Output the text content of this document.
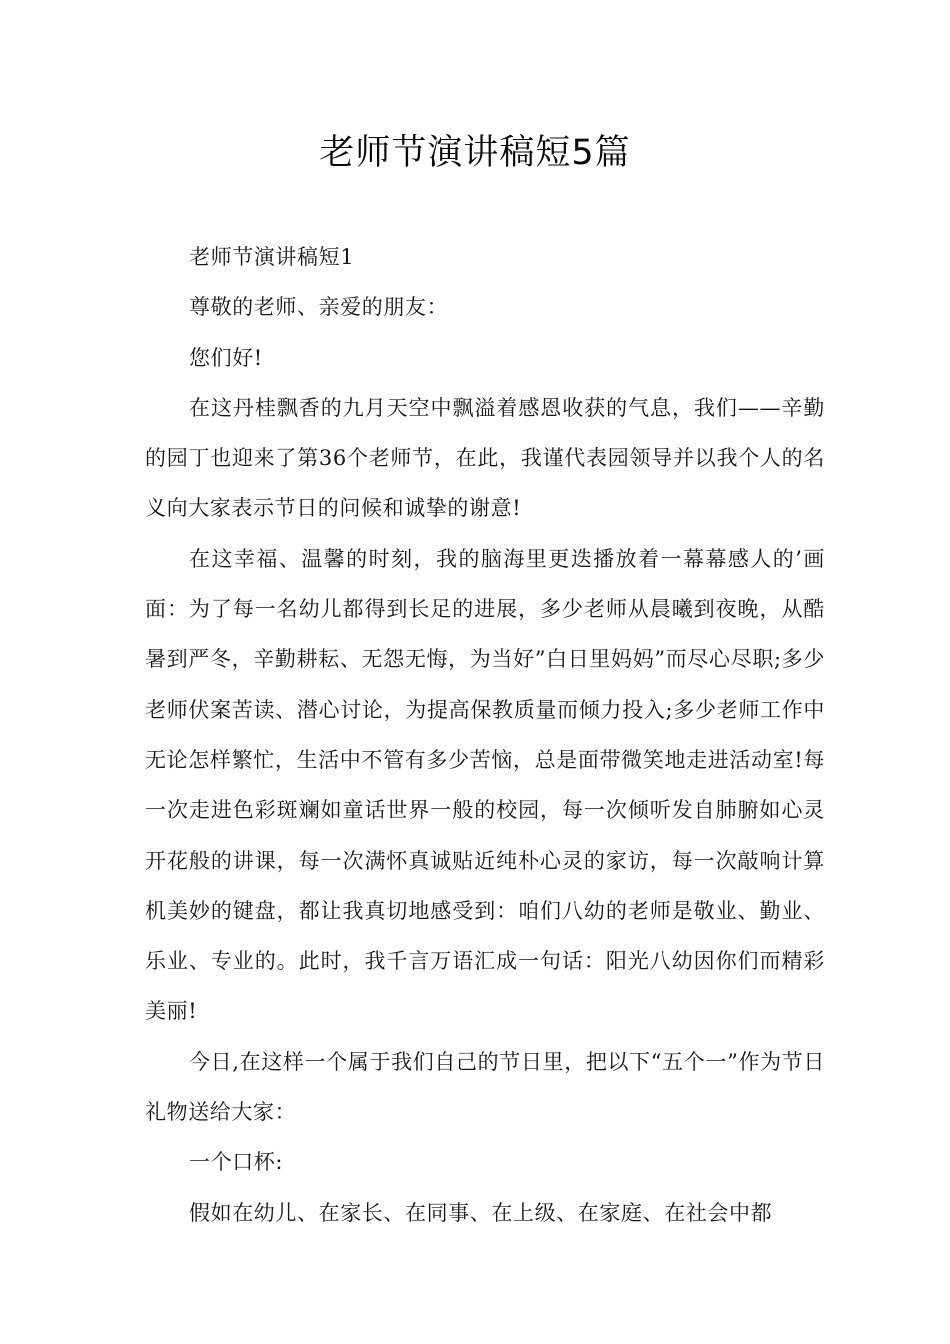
老师节演讲稿短5篇

老师节演讲稿短1

尊敬的老师、亲爱的朋友：

您们好!

在这丹桂飘香的九月天空中飘溢着感恩收获的气息，我们——辛勤的园丁也迎来了第36个老师节，在此，我谨代表园领导并以我个人的名义向大家表示节日的问候和诚挚的谢意!

在这幸福、温馨的时刻，我的脑海里更迭播放着一幕幕感人的’画面：为了每一名幼儿都得到长足的进展，多少老师从晨曦到夜晚，从酷暑到严冬，辛勤耕耘、无怨无悔，为当好”白日里妈妈”而尽心尽职;多少老师伏案苦读、潜心讨论，为提高保教质量而倾力投入;多少老师工作中无论怎样繁忙，生活中不管有多少苦恼，总是面带微笑地走进活动室!每一次走进色彩斑斓如童话世界一般的校园，每一次倾听发自肺腑如心灵开花般的讲课，每一次满怀真诚贴近纯朴心灵的家访，每一次敲响计算机美妙的键盘，都让我真切地感受到：咱们八幼的老师是敬业、勤业、乐业、专业的。此时，我千言万语汇成一句话：阳光八幼因你们而精彩美丽!

今日,在这样一个属于我们自己的节日里，把以下“五个一”作为节日礼物送给大家：

一个口杯:

假如在幼儿、在家长、在同事、在上级、在家庭、在社会中都
